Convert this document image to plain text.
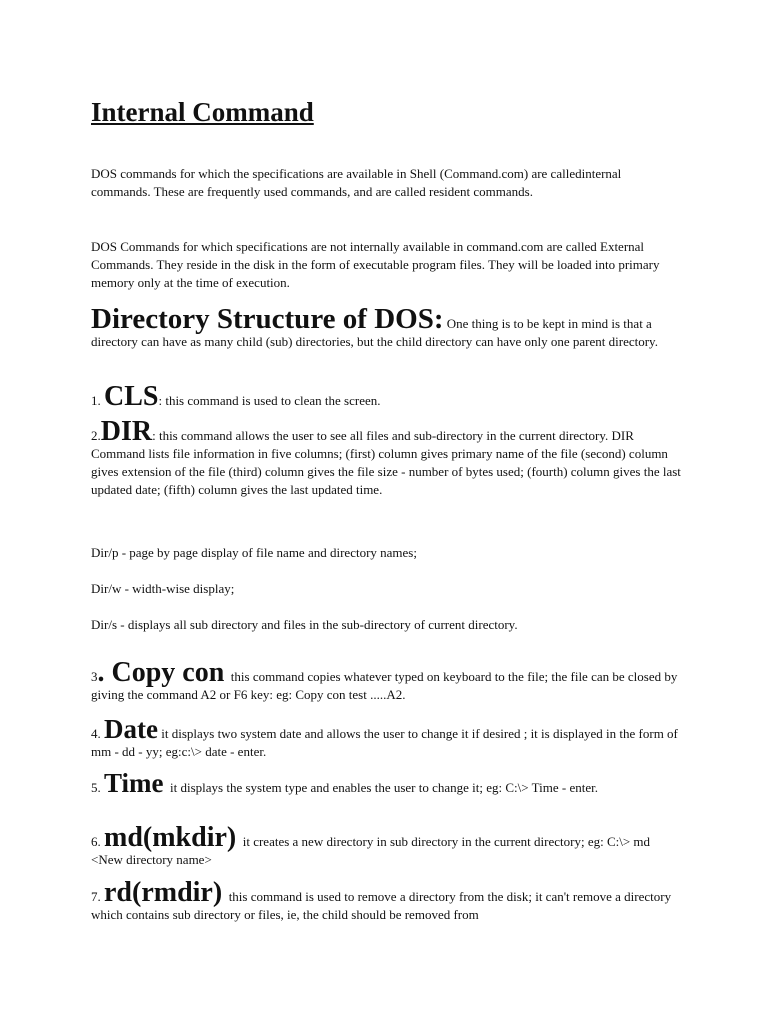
Internal Command

DOS commands for which the specifications are available in Shell (Command.com) are calledinternal commands. These are frequently used commands, and are called resident commands.

DOS Commands for which specifications are not internally available in command.com are called External Commands. They reside in the disk in the form of executable program files. They will be loaded into primary memory only at the time of execution.

Directory Structure of DOS: One thing is to be kept in mind is that a directory can have as many child (sub) directories, but the child directory can have only one parent directory.

1. CLS: this command is used to clean the screen.

2.DIR: this command allows the user to see all files and sub-directory in the current directory. DIR Command lists file information in five columns; (first) column gives primary name of the file (second) column gives extension of the file (third) column gives the file size - number of bytes used; (fourth) column gives the last updated date; (fifth) column gives the last updated time.

Dir/p - page by page display of file name and directory names;

Dir/w - width-wise display;

Dir/s - displays all sub directory and files in the sub-directory of current directory.

3. Copy con this command copies whatever typed on keyboard to the file; the file can be closed by giving the command A2 or F6 key: eg: Copy con test .....A2.

4. Date it displays two system date and allows the user to change it if desired ; it is displayed in the form of mm - dd - yy; eg:c:\> date - enter.

5. Time it displays the system type and enables the user to change it; eg: C:\> Time - enter.

6. md(mkdir) it creates a new directory in sub directory in the current directory; eg: C:\> md <New directory name>

7. rd(rmdir) this command is used to remove a directory from the disk; it can't remove a directory which contains sub directory or files, ie, the child should be removed from
